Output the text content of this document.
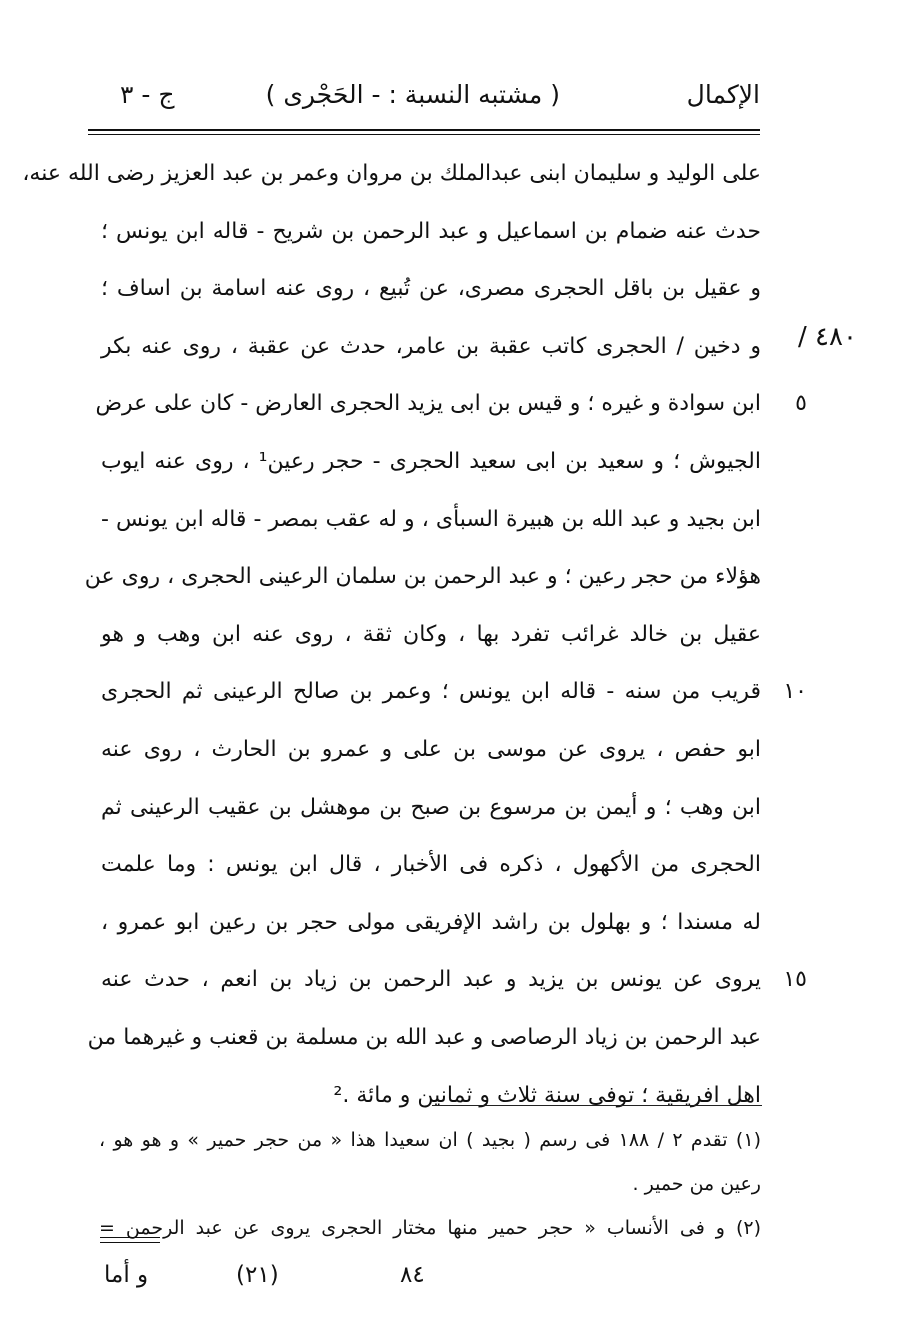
الإكمال
( مشتبه النسبة : - الحَجْرى )
ج - ٣
٤٨٠ /
على الوليد و سليمان ابنى عبدالملك بن مروان وعمر بن عبد العزيز رضى الله عنه،
حدث عنه ضمام بن اسماعيل و عبد الرحمن بن شريح - قاله ابن يونس ؛
و عقيل بن باقل الحجرى مصرى، عن تُبيع ، روى عنه اسامة بن اساف ؛
و دخين / الحجرى كاتب عقبة بن عامر، حدث عن عقبة ، روى عنه بكر
٥
ابن سوادة و غيره ؛ و قيس بن ابى يزيد الحجرى العارض - كان على عرض
الجيوش ؛ و سعيد بن ابى سعيد الحجرى - حجر رعين¹ ، روى عنه ايوب
ابن بجيد و عبد الله بن هبيرة السبأى ، و له عقب بمصر - قاله ابن يونس -
هؤلاء من حجر رعين ؛ و عبد الرحمن بن سلمان الرعينى الحجرى ، روى عن
عقيل بن خالد غرائب تفرد بها ، وكان ثقة ، روى عنه ابن وهب و هو
١٠
قريب من سنه - قاله ابن يونس ؛ وعمر بن صالح الرعينى ثم الحجرى
ابو حفص ، يروى عن موسى بن على و عمرو بن الحارث ، روى عنه
ابن وهب ؛ و أيمن بن مرسوع بن صبح بن موهشل بن عقيب الرعينى ثم
الحجرى من الأكهول ، ذكره فى الأخبار ، قال ابن يونس : وما علمت
له مسندا ؛ و بهلول بن راشد الإفريقى مولى حجر بن رعين ابو عمرو ،
١٥
يروى عن يونس بن يزيد و عبد الرحمن بن زياد بن انعم ، حدث عنه
عبد الرحمن بن زياد الرصاصى و عبد الله بن مسلمة بن قعنب و غيرهما من
اهل افريقية ؛ توفى سنة ثلاث و ثمانين و مائة .²
(١) تقدم ٢ / ١٨٨ فى رسم ( بجيد ) ان سعيدا هذا « من حجر حمير » و هو هو ،
رعين من حمير .
(٢) و فى الأنساب « حجر حمير منها مختار الحجرى يروى عن عبد الرحمن =
٨٤
(٢١)
و أما
